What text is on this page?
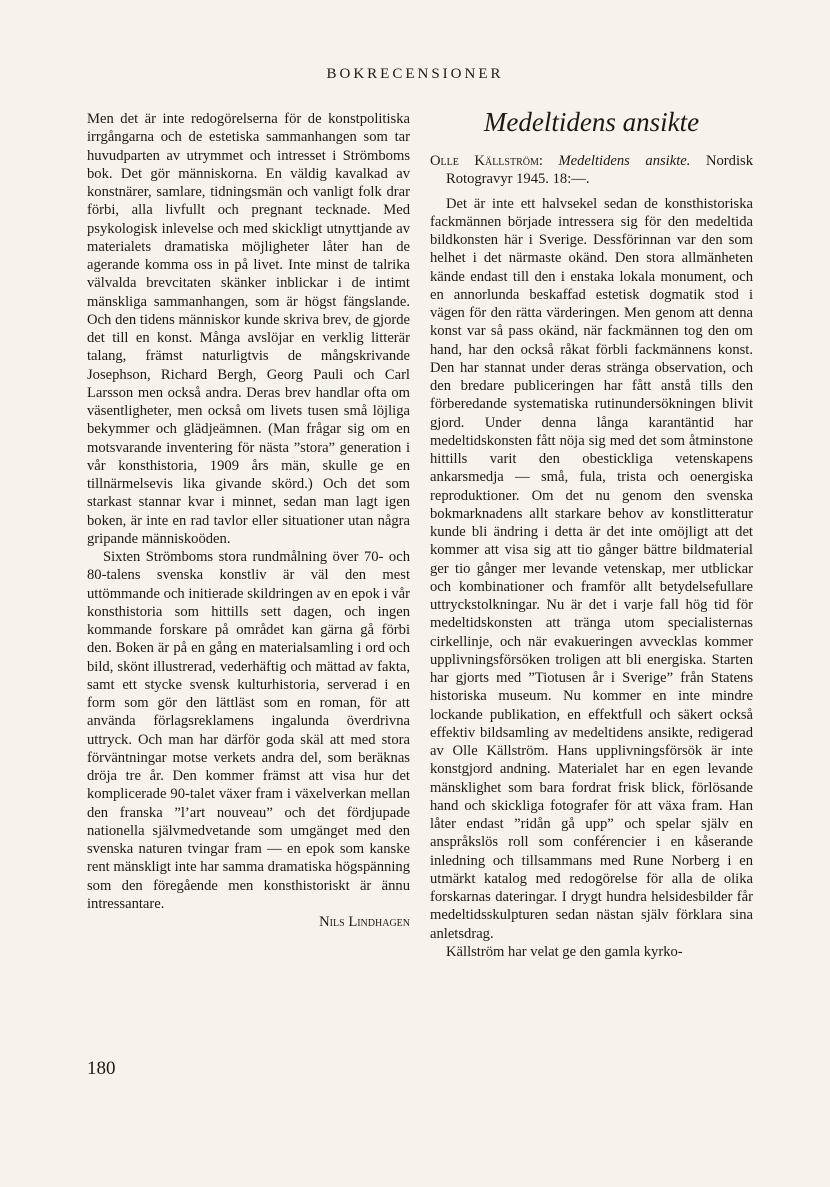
BOKRECENSIONER

Men det är inte redogörelserna för de konstpolitiska irrgångarna och de estetiska sammanhangen som tar huvudparten av utrymmet och intresset i Strömboms bok. Det gör människorna. En väldig kavalkad av konstnärer, samlare, tidningsmän och vanligt folk drar förbi, alla livfullt och pregnant tecknade. Med psykologisk inlevelse och med skickligt utnyttjande av materialets dramatiska möjligheter låter han de agerande komma oss in på livet. Inte minst de talrika välvalda brevcitaten skänker inblickar i de intimt mänskliga sammanhangen, som är högst fängslande. Och den tidens människor kunde skriva brev, de gjorde det till en konst. Många avslöjar en verklig litterär talang, främst naturligtvis de mångskrivande Josephson, Richard Bergh, Georg Pauli och Carl Larsson men också andra. Deras brev handlar ofta om väsentligheter, men också om livets tusen små löjliga bekymmer och glädjeämnen. (Man frågar sig om en motsvarande inventering för nästa ”stora” generation i vår konsthistoria, 1909 års män, skulle ge en tillnärmelsevis lika givande skörd.) Och det som starkast stannar kvar i minnet, sedan man lagt igen boken, är inte en rad tavlor eller situationer utan några gripande människoöden.

Sixten Strömboms stora rundmålning över 70- och 80-talens svenska konstliv är väl den mest uttömmande och initierade skildringen av en epok i vår konsthistoria som hittills sett dagen, och ingen kommande forskare på området kan gärna gå förbi den. Boken är på en gång en materialsamling i ord och bild, skönt illustrerad, vederhäftig och mättad av fakta, samt ett stycke svensk kulturhistoria, serverad i en form som gör den lättläst som en roman, för att använda förlagsreklamens ingalunda överdrivna uttryck. Och man har därför goda skäl att med stora förväntningar motse verkets andra del, som beräknas dröja tre år. Den kommer främst att visa hur det komplicerade 90-talet växer fram i växelverkan mellan den franska ”l’art nouveau” och det fördjupade nationella självmedvetande som umgänget med den svenska naturen tvingar fram — en epok som kanske rent mänskligt inte har samma dramatiska högspänning som den föregående men konsthistoriskt är ännu intressantare.

Nils Lindhagen
Medeltidens ansikte
Olle Källström: Medeltidens ansikte. Nordisk Rotogravyr 1945. 18:—.

Det är inte ett halvsekel sedan de konsthistoriska fackmännen började intressera sig för den medeltida bildkonsten här i Sverige. Dessförinnan var den som helhet i det närmaste okänd. Den stora allmänheten kände endast till den i enstaka lokala monument, och en annorlunda beskaffad estetisk dogmatik stod i vägen för den rätta värderingen. Men genom att denna konst var så pass okänd, när fackmännen tog den om hand, har den också råkat förbli fackmännens konst. Den har stannat under deras stränga observation, och den bredare publiceringen har fått anstå tills den förberedande systematiska rutinundersökningen blivit gjord. Under denna långa karantäntid har medeltidskonsten fått nöja sig med det som åtminstone hittills varit den obestickliga vetenskapens ankarsmedja — små, fula, trista och oenergiska reproduktioner. Om det nu genom den svenska bokmarknadens allt starkare behov av konstlitteratur kunde bli ändring i detta är det inte omöjligt att det kommer att visa sig att tio gånger bättre bildmaterial ger tio gånger mer levande vetenskap, mer utblickar och kombinationer och framför allt betydelsefullare uttryckstolkningar. Nu är det i varje fall hög tid för medeltidskonsten att tränga utom specialisternas cirkellinje, och när evakueringen avvecklas kommer upplivningsförsöken troligen att bli energiska. Starten har gjorts med ”Tiotusen år i Sverige” från Statens historiska museum. Nu kommer en inte mindre lockande publikation, en effektfull och säkert också effektiv bildsamling av medeltidens ansikte, redigerad av Olle Källström. Hans upplivningsförsök är inte konstgjord andning. Materialet har en egen levande mänsklighet som bara fordrat frisk blick, förlösande hand och skickliga fotografer för att växa fram. Han låter endast ”ridån gå upp” och spelar själv en anspråkslös roll som conférencier i en kåserande inledning och tillsammans med Rune Norberg i en utmärkt katalog med redogörelse för alla de olika forskarnas dateringar. I drygt hundra helsidesbilder får medeltidsskulpturen sedan nästan själv förklara sina anletsdrag.

Källström har velat ge den gamla kyrko-

180
